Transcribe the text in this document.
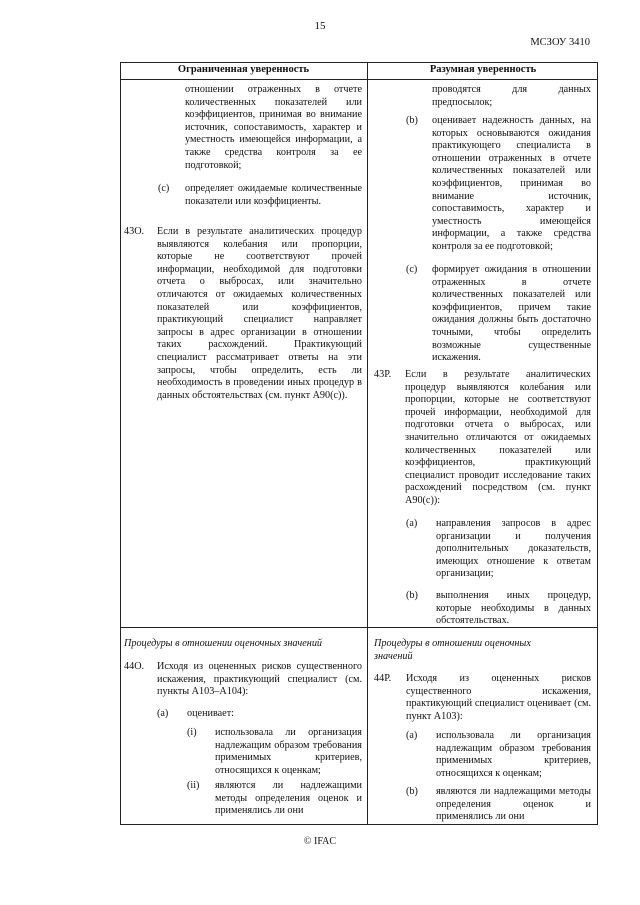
15
МСЗОУ 3410
Ограниченная уверенность	Разумная уверенность
отношении отраженных в отчете количественных показателей или коэффициентов, принимая во внимание источник, сопоставимость, характер и уместность имеющейся информации, а также средства контроля за ее подготовкой;
(c) определяет ожидаемые количественные показатели или коэффициенты.
43O. Если в результате аналитических процедур выявляются колебания или пропорции, которые не соответствуют прочей информации, необходимой для подготовки отчета о выбросах, или значительно отличаются от ожидаемых количественных показателей или коэффициентов, практикующий специалист направляет запросы в адрес организации в отношении таких расхождений. Практикующий специалист рассматривает ответы на эти запросы, чтобы определить, есть ли необходимость в проведении иных процедур в данных обстоятельствах (см. пункт A90(c)).
Процедуры в отношении оценочных значений
44O. Исходя из оцененных рисков существенного искажения, практикующий специалист (см. пункты A103–A104):
(a) оценивает:
(i) использовала ли организация надлежащим образом требования применимых критериев, относящихся к оценкам;
(ii) являются ли надлежащими методы определения оценок и применялись ли они
проводятся для данных предпосылок;
(b) оценивает надежность данных, на которых основываются ожидания практикующего специалиста в отношении отраженных в отчете количественных показателей или коэффициентов, принимая во внимание источник, сопоставимость, характер и уместность имеющейся информации, а также средства контроля за ее подготовкой;
(c) формирует ожидания в отношении отраженных в отчете количественных показателей или коэффициентов, причем такие ожидания должны быть достаточно точными, чтобы определить возможные существенные искажения.
43Р. Если в результате аналитических процедур выявляются колебания или пропорции, которые не соответствуют прочей информации, необходимой для подготовки отчета о выбросах, или значительно отличаются от ожидаемых количественных показателей или коэффициентов, практикующий специалист проводит исследование таких расхождений посредством (см. пункт A90(c)):
(a) направления запросов в адрес организации и получения дополнительных доказательств, имеющих отношение к ответам организации;
(b) выполнения иных процедур, которые необходимы в данных обстоятельствах.
Процедуры в отношении оценочных значений
44Р. Исходя из оцененных рисков существенного искажения, практикующий специалист оценивает (см. пункт A103):
(a) использовала ли организация надлежащим образом требования применимых критериев, относящихся к оценкам;
(b) являются ли надлежащими методы определения оценок и применялись ли они
© IFAC
